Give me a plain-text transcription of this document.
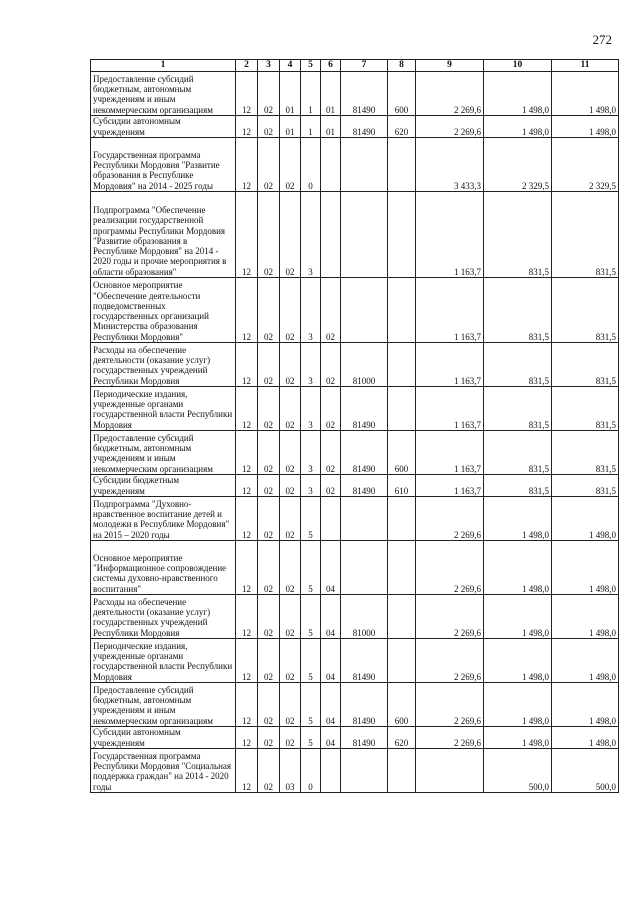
272
1	2	3	4	5	6	7	8	9	10	11
Предоставление субсидий бюджетным, автономным учреждениям и иным некоммерческим организациям	12	02	01	1	01	81490	600	2 269,6	1 498,0	1 498,0
Субсидии автономным учреждениям	12	02	01	1	01	81490	620	2 269,6	1 498,0	1 498,0
Государственная программа Республики Мордовия "Развитие образования в Республике Мордовия" на 2014 - 2025 годы	12	02	02	0				3 433,3	2 329,5	2 329,5
Подпрограмма "Обеспечение реализации государственной программы Республики Мордовия "Развитие образования в Республике Мордовия" на 2014 - 2020 годы и прочие мероприятия в области образования"	12	02	02	3				1 163,7	831,5	831,5
Основное мероприятие "Обеспечение деятельности подведомственных государственных организаций Министерства образования Республики Мордовия"	12	02	02	3	02			1 163,7	831,5	831,5
Расходы на обеспечение деятельности (оказание услуг) государственных учреждений Республики Мордовия	12	02	02	3	02	81000		1 163,7	831,5	831,5
Периодические издания, учрежденные органами государственной власти Республики Мордовия	12	02	02	3	02	81490		1 163,7	831,5	831,5
Предоставление субсидий бюджетным, автономным учреждениям и иным некоммерческим организациям	12	02	02	3	02	81490	600	1 163,7	831,5	831,5
Субсидии бюджетным учреждениям	12	02	02	3	02	81490	610	1 163,7	831,5	831,5
Подпрограмма "Духовно-нравственное воспитание детей и молодежи в Республике Мордовия" на 2015 – 2020 годы	12	02	02	5				2 269,6	1 498,0	1 498,0
Основное мероприятие "Информационное сопровождение системы духовно-нравственного воспитания"	12	02	02	5	04			2 269,6	1 498,0	1 498,0
Расходы на обеспечение деятельности (оказание услуг) государственных учреждений Республики Мордовия	12	02	02	5	04	81000		2 269,6	1 498,0	1 498,0
Периодические издания, учрежденные органами государственной власти Республики Мордовия	12	02	02	5	04	81490		2 269,6	1 498,0	1 498,0
Предоставление субсидий бюджетным, автономным учреждениям и иным некоммерческим организациям	12	02	02	5	04	81490	600	2 269,6	1 498,0	1 498,0
Субсидии автономным учреждениям	12	02	02	5	04	81490	620	2 269,6	1 498,0	1 498,0
Государственная программа Республики Мордовия "Социальная поддержка граждан" на 2014 - 2020 годы	12	02	03	0					500,0	500,0
